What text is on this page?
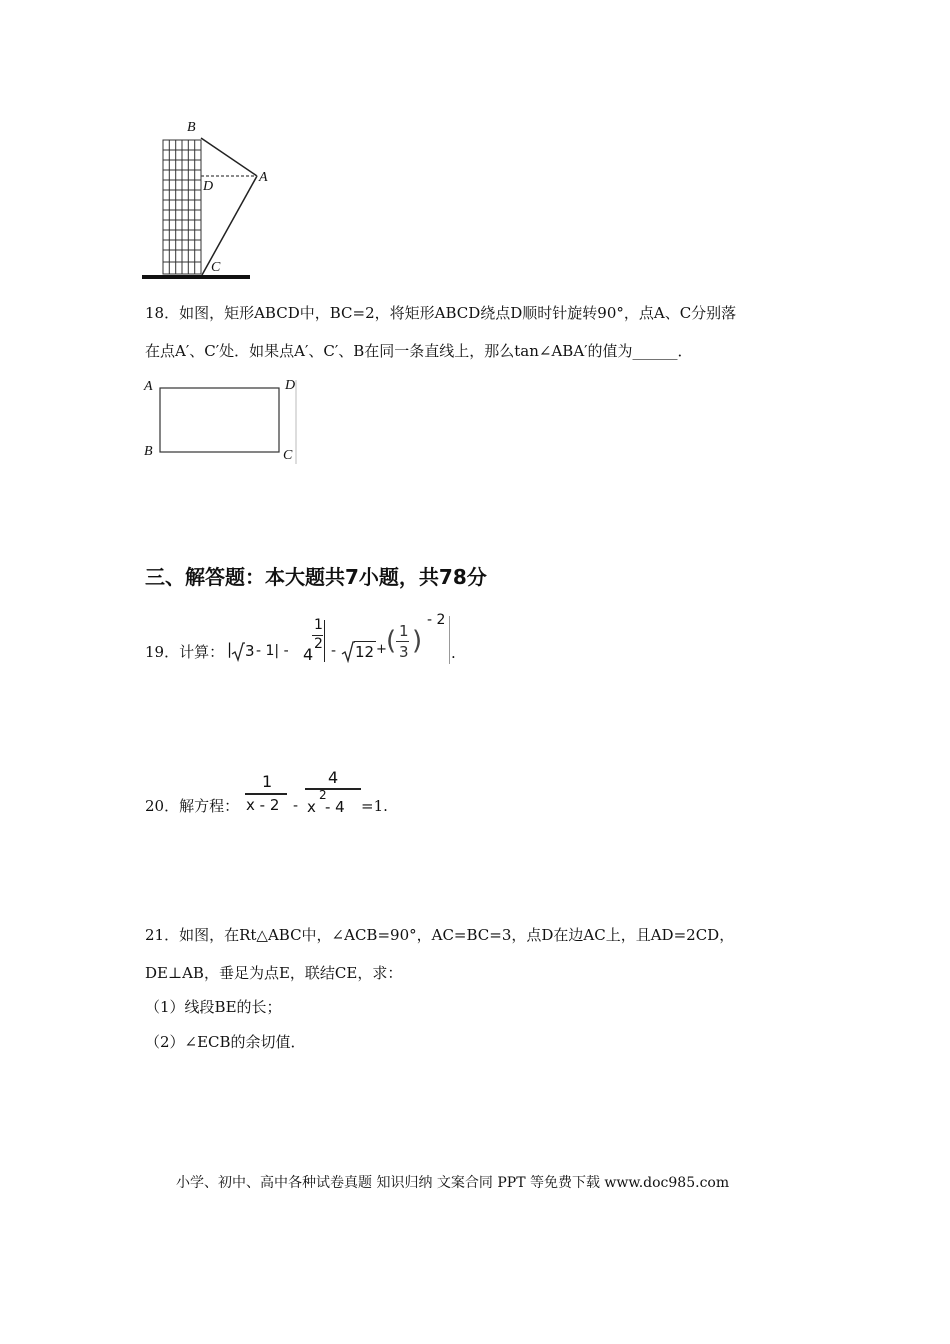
B
D
A
C
18．如图，矩形ABCD中，BC=2，将矩形ABCD绕点D顺时针旋转90°，点A、C分别落
在点A′、C′处．如果点A′、C′、B在同一条直线上，那么tan∠ABA′的值为______．
A	D
B	C
三、解答题：本大题共7小题，共78分
19．计算： | 3 - 1| - 4
1
2 - 12 + ( 1
3 )
- 2
.
20．解方程：
1
x - 2 -
4
x
2
- 4 =1.
21．如图，在Rt△ABC中，∠ACB=90°，AC=BC=3，点D在边AC上，且AD=2CD，
DE⊥AB，垂足为点E，联结CE，求：
（1）线段BE的长；
（2）∠ECB的余切值．
小学、初中、高中各种试卷真题 知识归纳 文案合同 PPT 等免费下载 www.doc985.com
